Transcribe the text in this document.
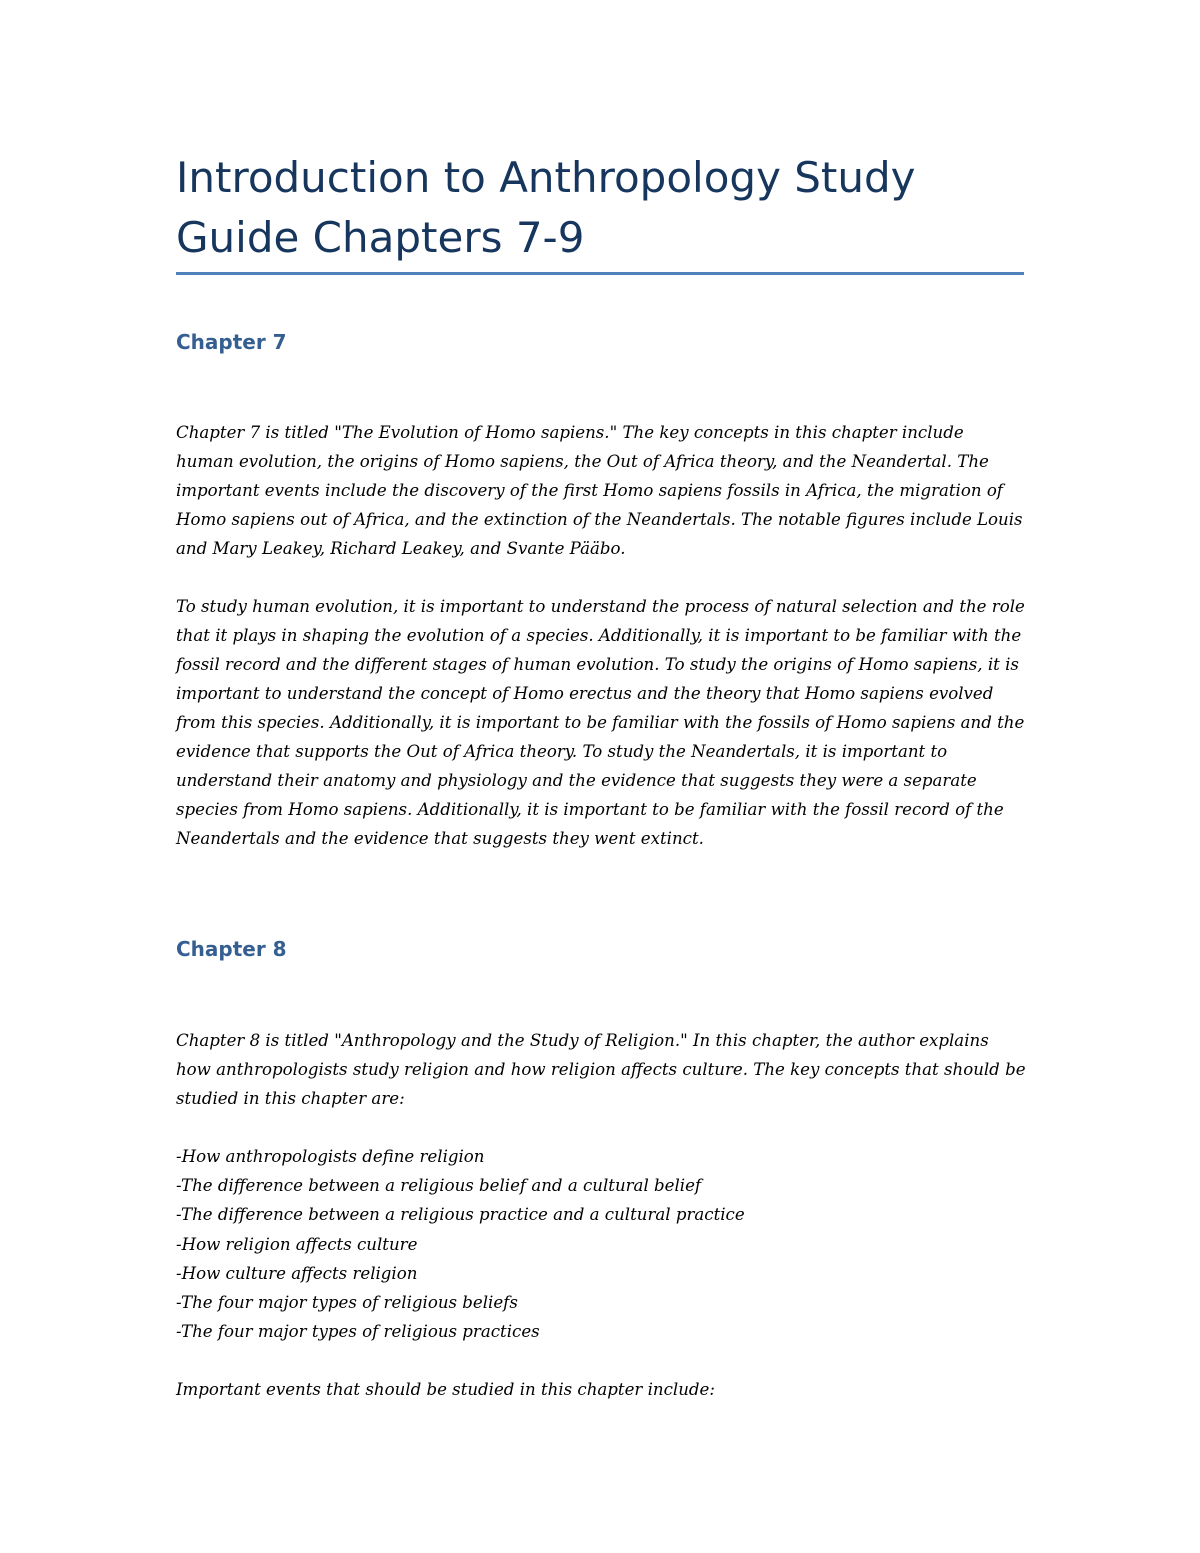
Introduction to Anthropology Study Guide Chapters 7-9
Chapter 7

Chapter 7 is titled "The Evolution of Homo sapiens." The key concepts in this chapter include human evolution, the origins of Homo sapiens, the Out of Africa theory, and the Neandertal. The important events include the discovery of the first Homo sapiens fossils in Africa, the migration of Homo sapiens out of Africa, and the extinction of the Neandertals. The notable figures include Louis and Mary Leakey, Richard Leakey, and Svante Pääbo.

To study human evolution, it is important to understand the process of natural selection and the role that it plays in shaping the evolution of a species. Additionally, it is important to be familiar with the fossil record and the different stages of human evolution. To study the origins of Homo sapiens, it is important to understand the concept of Homo erectus and the theory that Homo sapiens evolved from this species. Additionally, it is important to be familiar with the fossils of Homo sapiens and the evidence that supports the Out of Africa theory. To study the Neandertals, it is important to understand their anatomy and physiology and the evidence that suggests they were a separate species from Homo sapiens. Additionally, it is important to be familiar with the fossil record of the Neandertals and the evidence that suggests they went extinct.

Chapter 8

Chapter 8 is titled "Anthropology and the Study of Religion." In this chapter, the author explains how anthropologists study religion and how religion affects culture. The key concepts that should be studied in this chapter are:

-How anthropologists define religion
-The difference between a religious belief and a cultural belief
-The difference between a religious practice and a cultural practice
-How religion affects culture
-How culture affects religion
-The four major types of religious beliefs
-The four major types of religious practices

Important events that should be studied in this chapter include:
